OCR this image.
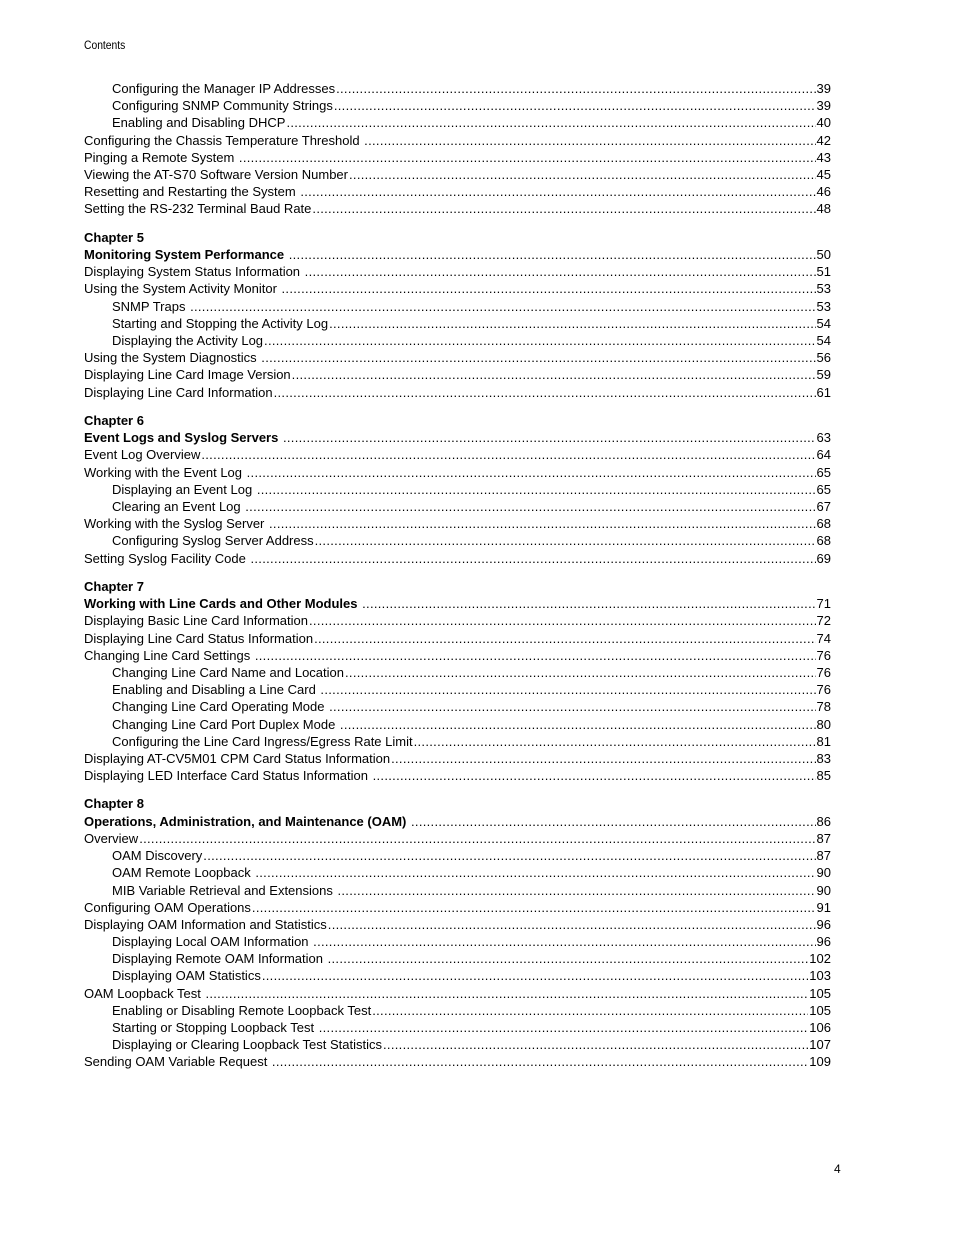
Contents
Configuring the Manager IP Addresses .....	39
Configuring SNMP Community Strings .....	39
Enabling and Disabling DHCP .....	40
Configuring the Chassis Temperature Threshold .....	42
Pinging a Remote System .....	43
Viewing the AT-S70 Software Version Number .....	45
Resetting and Restarting the System .....	46
Setting the RS-232 Terminal Baud Rate .....	48
Chapter 5
Monitoring System Performance .....	50
Displaying System Status Information .....	51
Using the System Activity Monitor .....	53
SNMP Traps .....	53
Starting and Stopping the Activity Log .....	54
Displaying the Activity Log .....	54
Using the System Diagnostics .....	56
Displaying Line Card Image Version .....	59
Displaying Line Card Information .....	61
Chapter 6
Event Logs and Syslog Servers .....	63
Event Log Overview .....	64
Working with the Event Log .....	65
Displaying an Event Log .....	65
Clearing an Event Log .....	67
Working with the Syslog Server .....	68
Configuring Syslog Server Address .....	68
Setting Syslog Facility Code .....	69
Chapter 7
Working with Line Cards and Other Modules .....	71
Displaying Basic Line Card Information .....	72
Displaying Line Card Status Information .....	74
Changing Line Card Settings .....	76
Changing Line Card Name and Location .....	76
Enabling and Disabling a Line Card .....	76
Changing Line Card Operating Mode .....	78
Changing Line Card Port Duplex Mode .....	80
Configuring the Line Card Ingress/Egress Rate Limit .....	81
Displaying AT-CV5M01 CPM Card Status Information .....	83
Displaying LED Interface Card Status Information .....	85
Chapter 8
Operations, Administration, and Maintenance (OAM) .....	86
Overview .....	87
OAM Discovery .....	87
OAM Remote Loopback .....	90
MIB Variable Retrieval and Extensions .....	90
Configuring OAM Operations .....	91
Displaying OAM Information and Statistics .....	96
Displaying Local OAM Information .....	96
Displaying Remote OAM Information .....	102
Displaying OAM Statistics .....	103
OAM Loopback Test .....	105
Enabling or Disabling Remote Loopback Test .....	105
Starting or Stopping Loopback Test .....	106
Displaying or Clearing Loopback Test Statistics .....	107
Sending OAM Variable Request .....	109
4
